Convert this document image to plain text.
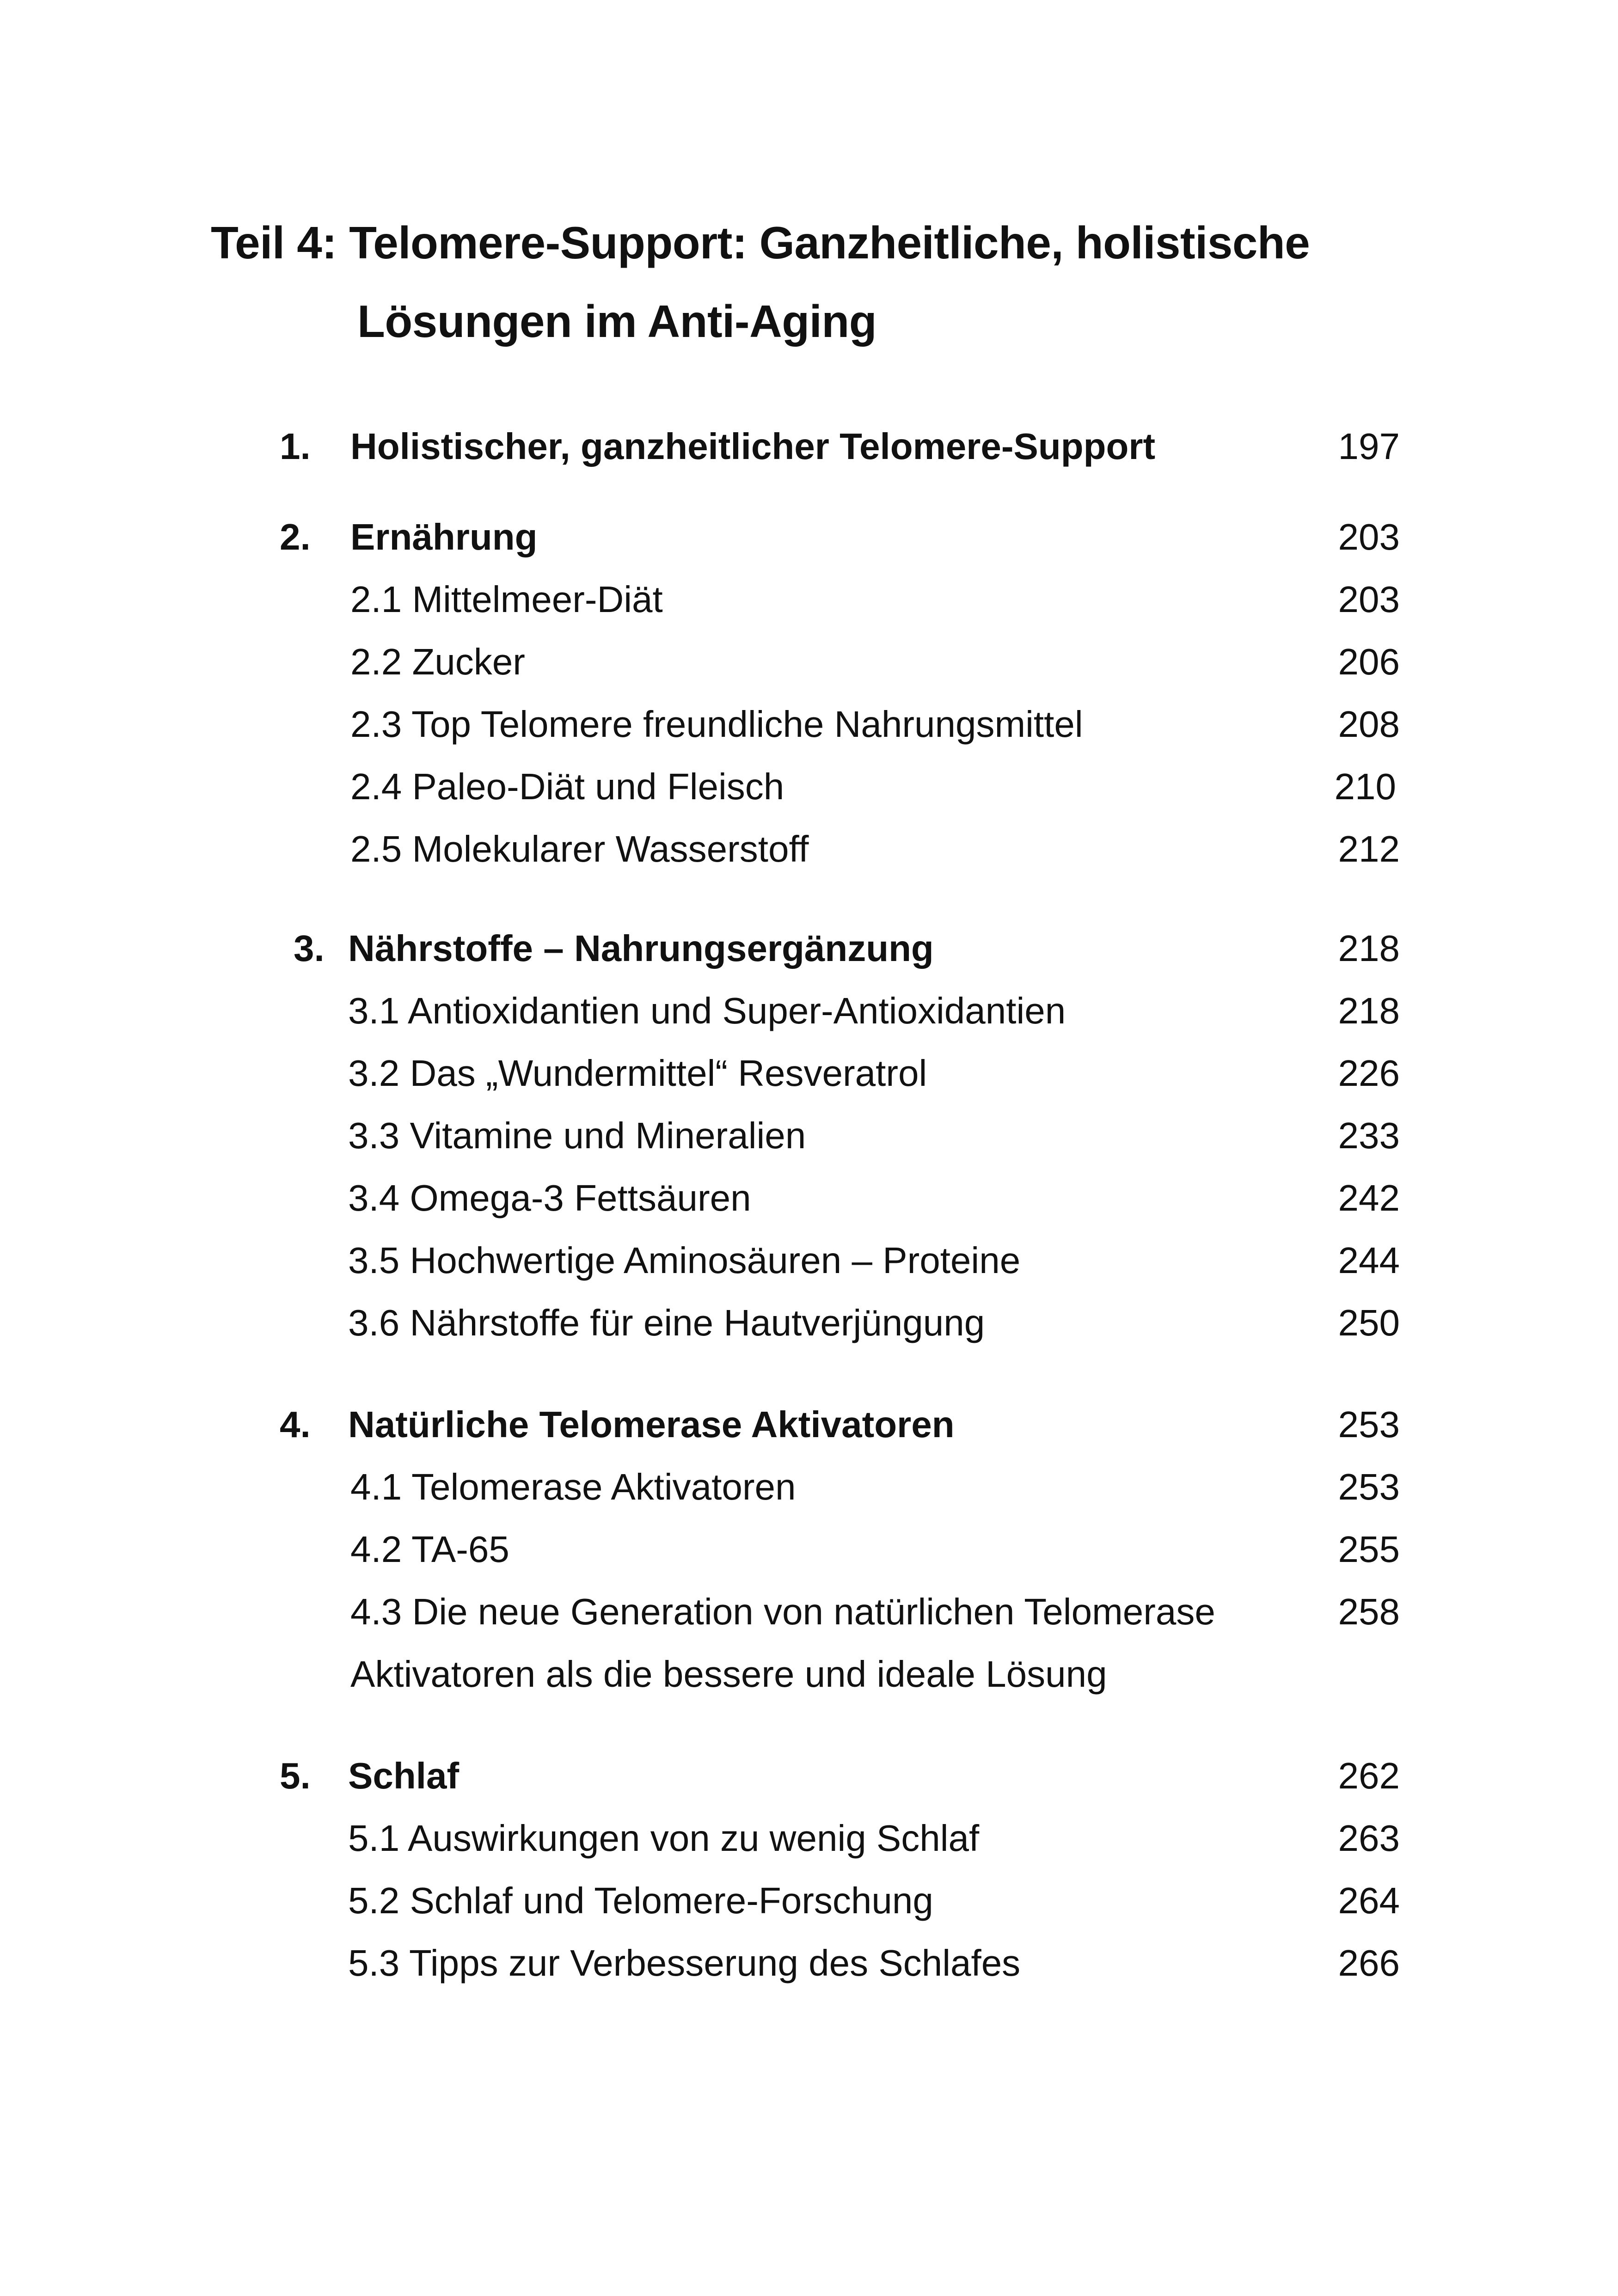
Teil 4: Telomere-Support: Ganzheitliche, holistische
Lösungen im Anti-Aging
1. Holistischer, ganzheitlicher Telomere-Support	197
2. Ernährung	203
2.1 Mittelmeer-Diät	203
2.2 Zucker	206
2.3 Top Telomere freundliche Nahrungsmittel	208
2.4 Paleo-Diät und Fleisch	210
2.5 Molekularer Wasserstoff	212
3. Nährstoffe – Nahrungsergänzung	218
3.1 Antioxidantien und Super-Antioxidantien	218
3.2 Das „Wundermittel“ Resveratrol	226
3.3 Vitamine und Mineralien	233
3.4 Omega-3 Fettsäuren	242
3.5 Hochwertige Aminosäuren – Proteine	244
3.6 Nährstoffe für eine Hautverjüngung	250
4. Natürliche Telomerase Aktivatoren	253
4.1 Telomerase Aktivatoren	253
4.2 TA-65	255
4.3 Die neue Generation von natürlichen Telomerase	258
Aktivatoren als die bessere und ideale Lösung
5. Schlaf	262
5.1 Auswirkungen von zu wenig Schlaf	263
5.2 Schlaf und Telomere-Forschung	264
5.3 Tipps zur Verbesserung des Schlafes	266
